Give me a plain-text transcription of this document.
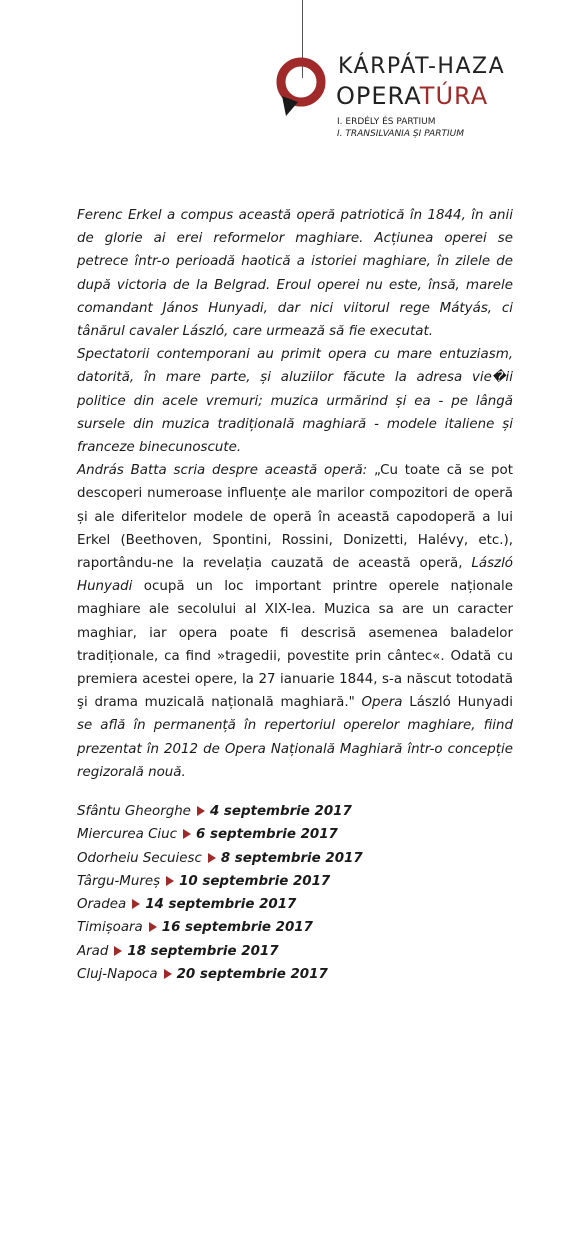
KÁRPÁT-HAZA
OPERATÚRA
I. ERDÉLY ÉS PARTIUM
I. TRANSILVANIA ȘI PARTIUM

Ferenc Erkel a compus această operă patriotică în 1844, în anii de glorie ai erei reformelor maghiare. Acțiunea operei se petrece într-o perioadă haotică a istoriei maghiare, în zilele de după victoria de la Belgrad. Eroul operei nu este, însă, marele comandant János Hunyadi, dar nici viitorul rege Mátyás, ci tânărul cavaler László, care urmează să fie executat.

Spectatorii contemporani au primit opera cu mare entuziasm, datorită, în mare parte, și aluziilor făcute la adresa vie�ii politice din acele vremuri; muzica urmărind și ea - pe lângă sursele din muzica tradițională maghiară - modele italiene și franceze binecunoscute.

András Batta scria despre această operă: „Cu toate că se pot descoperi numeroase influențe ale marilor compozitori de operă și ale diferitelor modele de operă în această capodoperă a lui Erkel (Beethoven, Spontini, Rossini, Donizetti, Halévy, etc.), raportându-ne la revelația cauzată de această operă, László Hunyadi ocupă un loc important printre operele naționale maghiare ale secolului al XIX-lea. Muzica sa are un caracter maghiar, iar opera poate fi descrisă asemenea baladelor tradiționale, ca find »tragedii, povestite prin cântec«. Odată cu premiera acestei opere, la 27 ianuarie 1844, s-a născut totodată şi drama muzicală națională maghiară." Opera László Hunyadi se află în permanență în repertoriul operelor maghiare, fiind prezentat în 2012 de Opera Națională Maghiară într-o concepție regizorală nouă.

Sfântu Gheorghe 4 septembrie 2017
Miercurea Ciuc 6 septembrie 2017
Odorheiu Secuiesc 8 septembrie 2017
Târgu-Mureș 10 septembrie 2017
Oradea 14 septembrie 2017
Timișoara 16 septembrie 2017
Arad 18 septembrie 2017
Cluj-Napoca 20 septembrie 2017
